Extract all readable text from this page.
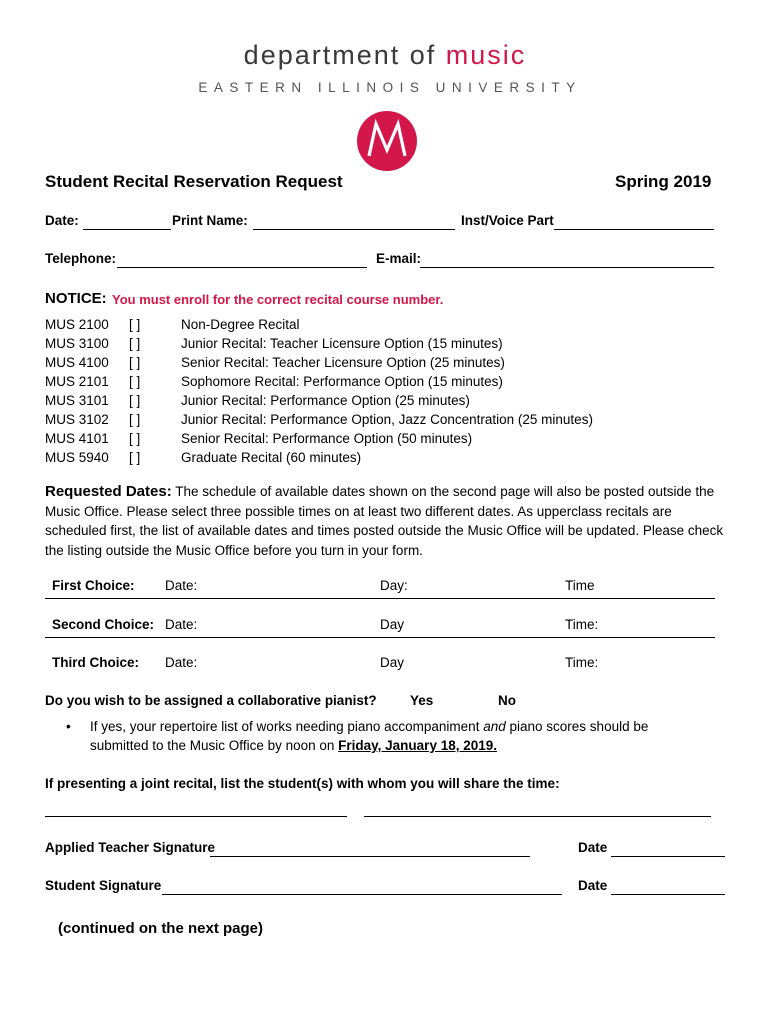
department of music
EASTERN ILLINOIS UNIVERSITY
Student Recital Reservation Request	Spring 2019
Date:	Print Name:	Inst/Voice Part
Telephone:	E-mail:
NOTICE: You must enroll for the correct recital course number.
MUS 2100 [ ]	Non-Degree Recital
MUS 3100 [ ]	Junior Recital: Teacher Licensure Option (15 minutes)
MUS 4100 [ ]	Senior Recital: Teacher Licensure Option (25 minutes)
MUS 2101 [ ]	Sophomore Recital: Performance Option (15 minutes)
MUS 3101 [ ]	Junior Recital: Performance Option (25 minutes)
MUS 3102 [ ]	Junior Recital: Performance Option, Jazz Concentration (25 minutes)
MUS 4101 [ ]	Senior Recital: Performance Option (50 minutes)
MUS 5940 [ ]	Graduate Recital (60 minutes)
Requested Dates: The schedule of available dates shown on the second page will also be posted outside the Music Office. Please select three possible times on at least two different dates. As upperclass recitals are scheduled first, the list of available dates and times posted outside the Music Office will be updated. Please check the listing outside the Music Office before you turn in your form.
First Choice: Date:	Day:	Time
Second Choice: Date:	Day	Time:
Third Choice: Date:	Day	Time:
Do you wish to be assigned a collaborative pianist? Yes	No
• If yes, your repertoire list of works needing piano accompaniment and piano scores should be
submitted to the Music Office by noon on Friday, January 18, 2019.
If presenting a joint recital, list the student(s) with whom you will share the time:
Applied Teacher Signature	Date
Student Signature	Date
(continued on the next page)
